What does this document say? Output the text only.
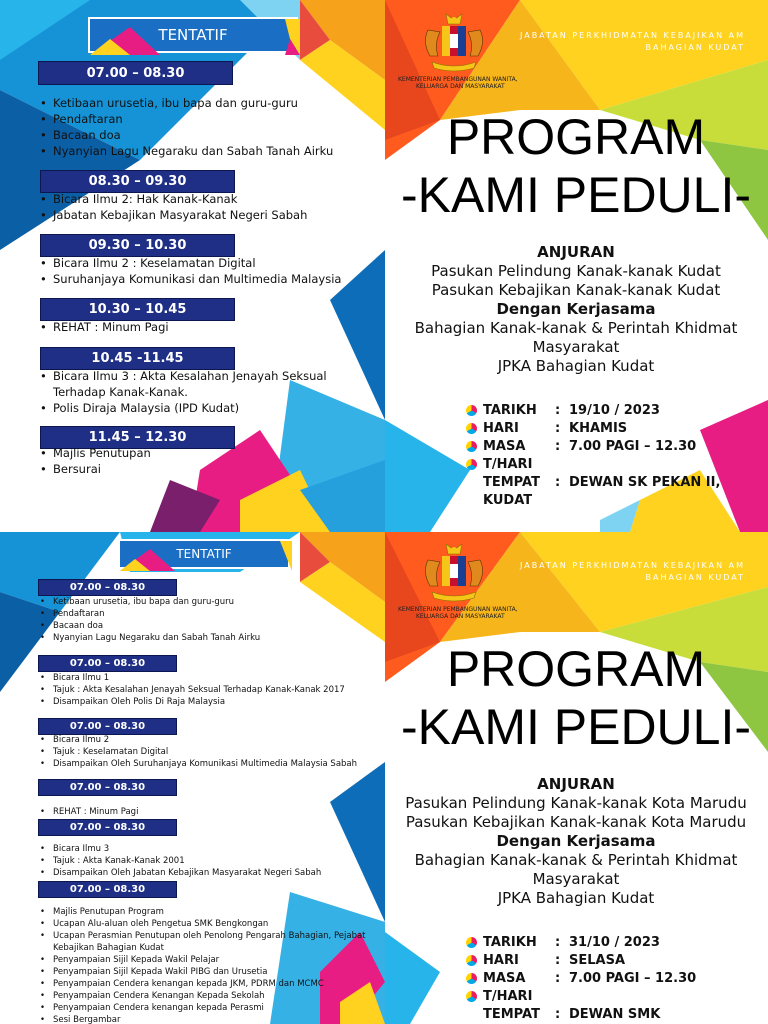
TENTATIF
07.00 – 08.30
• Ketibaan urusetia, ibu bapa dan guru-guru
• Pendaftaran
• Bacaan doa
• Nyanyian Lagu Negaraku dan Sabah Tanah Airku
08.30 – 09.30
• Bicara Ilmu 2: Hak Kanak-Kanak
• Jabatan Kebajikan Masyarakat Negeri Sabah
09.30 – 10.30
• Bicara Ilmu 2 : Keselamatan Digital
• Suruhanjaya Komunikasi dan Multimedia Malaysia
10.30 – 10.45
• REHAT : Minum Pagi
10.45 -11.45
• Bicara Ilmu 3 : Akta Kesalahan Jenayah Seksual Terhadap Kanak-Kanak.
• Polis Diraja Malaysia (IPD Kudat)
11.45 – 12.30
• Majlis Penutupan
• Bersurai
KEMENTERIAN PEMBANGUNAN WANITA,
KELUARGA DAN MASYARAKAT
JABATAN PERKHIDMATAN KEBAJIKAN AM
BAHAGIAN KUDAT
PROGRAM
-KAMI PEDULI-
ANJURAN
Pasukan Pelindung Kanak-kanak Kudat
Pasukan Kebajikan Kanak-kanak Kudat
Dengan Kerjasama
Bahagian Kanak-kanak & Perintah Khidmat
Masyarakat
JPKA Bahagian Kudat
TARIKH	: 19/10 / 2023
HARI	: KHAMIS
MASA	: 7.00 PAGI – 12.30
T/HARI
TEMPAT	: DEWAN SK PEKAN II,
KUDAT
TENTATIF
07.00 – 08.30
• Ketibaan urusetia, ibu bapa dan guru-guru
• Pendaftaran
• Bacaan doa
• Nyanyian Lagu Negaraku dan Sabah Tanah Airku
07.00 – 08.30
• Bicara Ilmu 1
• Tajuk : Akta Kesalahan Jenayah Seksual Terhadap Kanak-Kanak 2017
• Disampaikan Oleh Polis Di Raja Malaysia
07.00 – 08.30
• Bicara Ilmu 2
• Tajuk : Keselamatan Digital
• Disampaikan Oleh Suruhanjaya Komunikasi Multimedia Malaysia Sabah
07.00 – 08.30
• REHAT : Minum Pagi
07.00 – 08.30
• Bicara Ilmu 3
• Tajuk : Akta Kanak-Kanak 2001
• Disampaikan Oleh Jabatan Kebajikan Masyarakat Negeri Sabah
07.00 – 08.30
• Majlis Penutupan Program
• Ucapan Alu-aluan oleh Pengetua SMK Bengkongan
• Ucapan Perasmian Penutupan oleh Penolong Pengarah Bahagian, Pejabat Kebajikan Bahagian Kudat
• Penyampaian Sijil Kepada Wakil Pelajar
• Penyampaian Sijil Kepada Wakil PIBG dan Urusetia
• Penyampaian Cendera kenangan kepada JKM, PDRM dan MCMC
• Penyampaian Cendera Kenangan Kepada Sekolah
• Penyampaian Cendera kenangan kepada Perasmi
• Sesi Bergambar
KEMENTERIAN PEMBANGUNAN WANITA,
KELUARGA DAN MASYARAKAT
JABATAN PERKHIDMATAN KEBAJIKAN AM
BAHAGIAN KUDAT
PROGRAM
-KAMI PEDULI-
ANJURAN
Pasukan Pelindung Kanak-kanak Kota Marudu
Pasukan Kebajikan Kanak-kanak Kota Marudu
Dengan Kerjasama
Bahagian Kanak-kanak & Perintah Khidmat
Masyarakat
JPKA Bahagian Kudat
TARIKH	: 31/10 / 2023
HARI	: SELASA
MASA	: 7.00 PAGI – 12.30
T/HARI
TEMPAT	: DEWAN SMK
